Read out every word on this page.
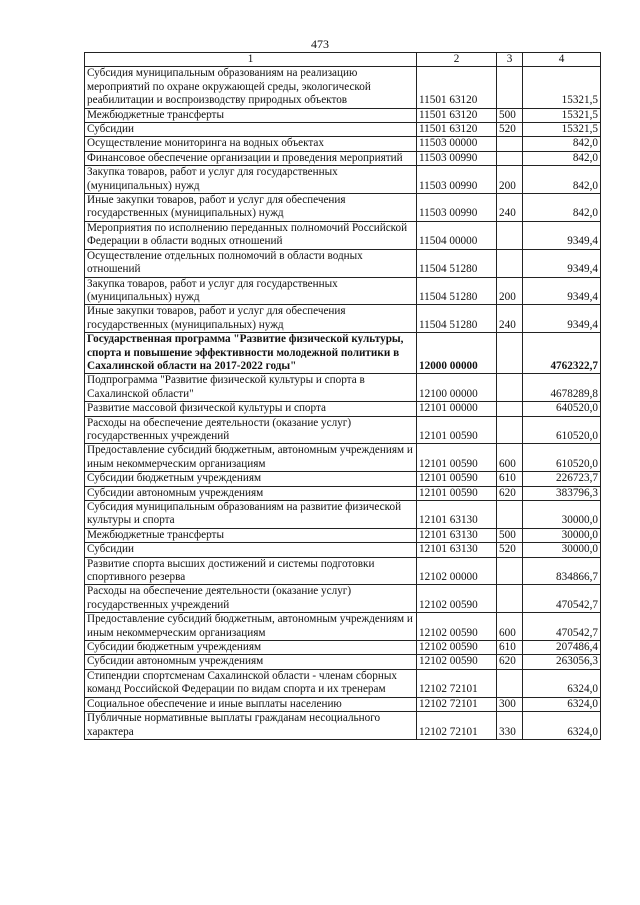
473
1	2	3	4
Субсидия муниципальным образованиям на реализацию мероприятий по охране окружающей среды, экологической реабилитации и воспроизводству природных объектов	11501 63120		15321,5
Межбюджетные трансферты	11501 63120	500	15321,5
Субсидии	11501 63120	520	15321,5
Осуществление мониторинга на водных объектах	11503 00000		842,0
Финансовое обеспечение организации и проведения мероприятий	11503 00990		842,0
Закупка товаров, работ и услуг для государственных (муниципальных) нужд	11503 00990	200	842,0
Иные закупки товаров, работ и услуг для обеспечения государственных (муниципальных) нужд	11503 00990	240	842,0
Мероприятия по исполнению переданных полномочий Российской Федерации в области водных отношений	11504 00000		9349,4
Осуществление отдельных полномочий в области водных отношений	11504 51280		9349,4
Закупка товаров, работ и услуг для государственных (муниципальных) нужд	11504 51280	200	9349,4
Иные закупки товаров, работ и услуг для обеспечения государственных (муниципальных) нужд	11504 51280	240	9349,4
Государственная программа "Развитие физической культуры, спорта и повышение эффективности молодежной политики в Сахалинской области на 2017-2022 годы"	12000 00000		4762322,7
Подпрограмма "Развитие физической культуры и спорта в Сахалинской области"	12100 00000		4678289,8
Развитие массовой физической культуры и спорта	12101 00000		640520,0
Расходы на обеспечение деятельности (оказание услуг) государственных учреждений	12101 00590		610520,0
Предоставление субсидий бюджетным, автономным учреждениям и иным некоммерческим организациям	12101 00590	600	610520,0
Субсидии бюджетным учреждениям	12101 00590	610	226723,7
Субсидии автономным учреждениям	12101 00590	620	383796,3
Субсидия муниципальным образованиям на развитие физической культуры и спорта	12101 63130		30000,0
Межбюджетные трансферты	12101 63130	500	30000,0
Субсидии	12101 63130	520	30000,0
Развитие спорта высших достижений и системы подготовки спортивного резерва	12102 00000		834866,7
Расходы на обеспечение деятельности (оказание услуг) государственных учреждений	12102 00590		470542,7
Предоставление субсидий бюджетным, автономным учреждениям и иным некоммерческим организациям	12102 00590	600	470542,7
Субсидии бюджетным учреждениям	12102 00590	610	207486,4
Субсидии автономным учреждениям	12102 00590	620	263056,3
Стипендии спортсменам Сахалинской области - членам сборных команд Российской Федерации по видам спорта и их тренерам	12102 72101		6324,0
Социальное обеспечение и иные выплаты населению	12102 72101	300	6324,0
Публичные нормативные выплаты гражданам несоциального характера	12102 72101	330	6324,0
